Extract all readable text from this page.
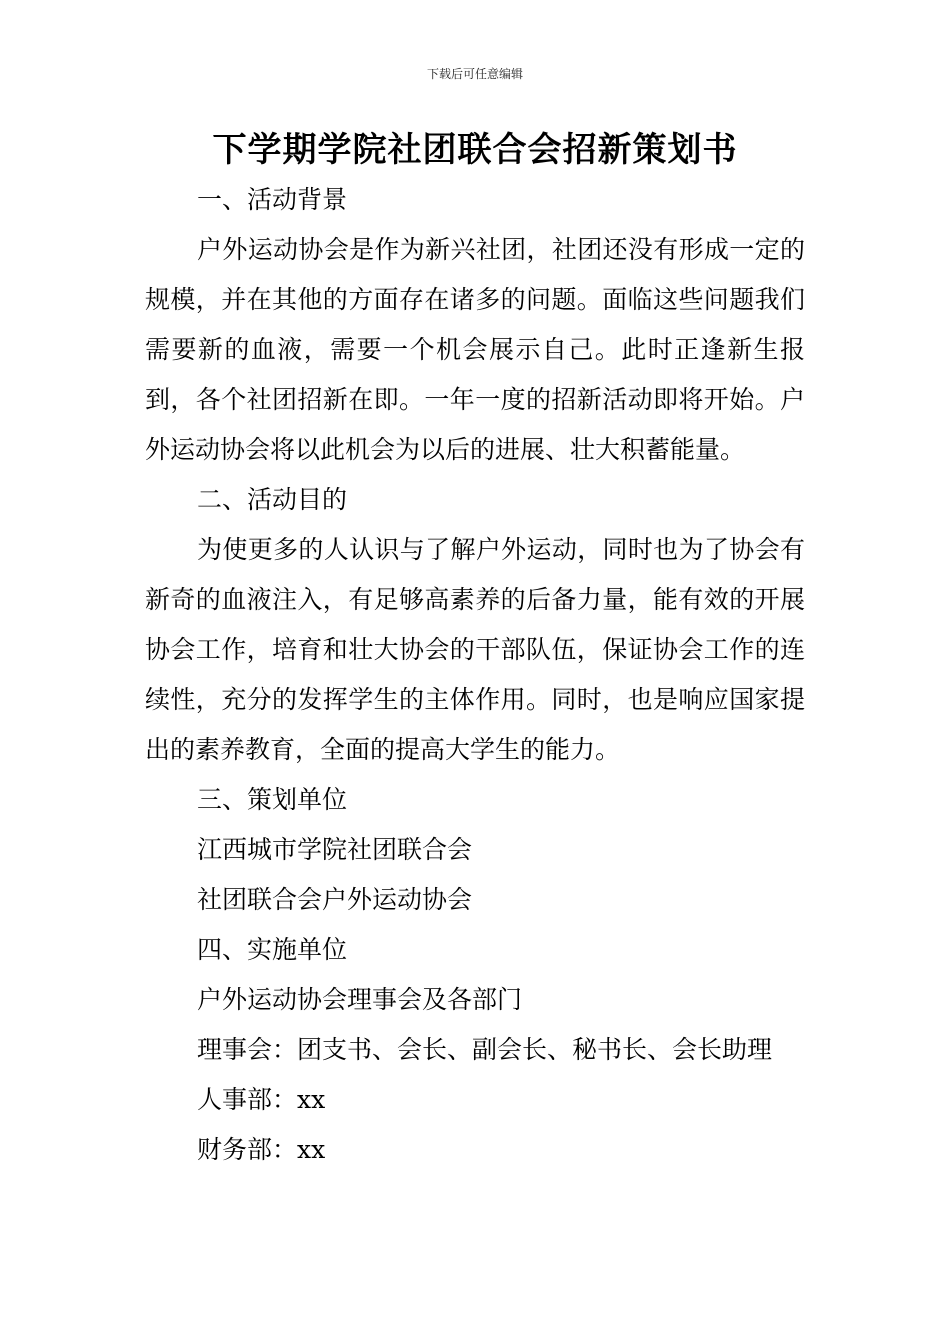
下载后可任意编辑
下学期学院社团联合会招新策划书
一、活动背景

户外运动协会是作为新兴社团，社团还没有形成一定的规模，并在其他的方面存在诸多的问题。面临这些问题我们需要新的血液，需要一个机会展示自己。此时正逢新生报到，各个社团招新在即。一年一度的招新活动即将开始。户外运动协会将以此机会为以后的进展、壮大积蓄能量。

二、活动目的

为使更多的人认识与了解户外运动，同时也为了协会有新奇的血液注入，有足够高素养的后备力量，能有效的开展协会工作，培育和壮大协会的干部队伍，保证协会工作的连续性，充分的发挥学生的主体作用。同时，也是响应国家提出的素养教育，全面的提高大学生的能力。

三、策划单位
江西城市学院社团联合会
社团联合会户外运动协会
四、实施单位
户外运动协会理事会及各部门
理事会：团支书、会长、副会长、秘书长、会长助理
人事部：xx
财务部：xx
